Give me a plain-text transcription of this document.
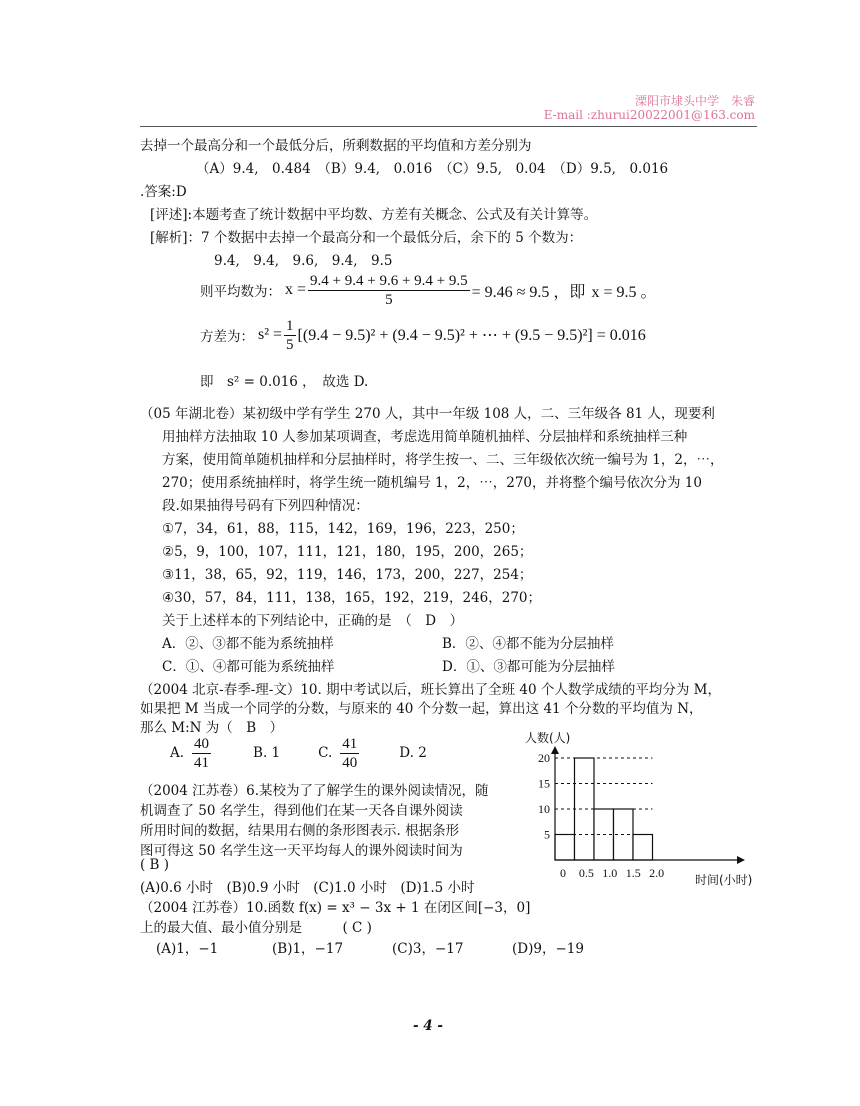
溧阳市埭头中学　朱睿
E-mail :zhurui20022001@163.com
去掉一个最高分和一个最低分后，所剩数据的平均值和方差分别为
（A）9.4,　0.484　（B）9.4,　0.016　（C）9.5,　0.04　（D）9.5,　0.016
.答案:D
[评述]:本题考查了统计数据中平均数、方差有关概念、公式及有关计算等。
[解析]：7 个数据中去掉一个最高分和一个最低分后，余下的 5 个数为：
9.4,　9.4,　9.6,　9.4,　9.5
则平均数为： $x = \frac{9.4 + 9.4 + 9.6 + 9.4 + 9.5}{5} = 9.46 \approx 9.5$ ，即 x = 9.5 。
方差为： $s^2 = \frac{1}{5} [(9.4 - 9.5)^2 + (9.4 - 9.5)^2$ + ⋯ + (9.5 − 9.5)²] = 0.016
即　s² = 0.016 ，　故选 D.
（05 年湖北卷）某初级中学有学生 270 人，其中一年级 108 人，二、三年级各 81 人，现要利
用抽样方法抽取 10 人参加某项调查，考虑选用简单随机抽样、分层抽样和系统抽样三种
方案，使用简单随机抽样和分层抽样时，将学生按一、二、三年级依次统一编号为 1，2，⋯，
270；使用系统抽样时，将学生统一随机编号 1，2，⋯，270，并将整个编号依次分为 10
段.如果抽得号码有下列四种情况：
①7，34，61，88，115，142，169，196，223，250；
②5，9，100，107，111，121，180，195，200，265；
③11，38，65，92，119，146，173，200，227，254；
④30，57，84，111，138，165，192，219，246，270；
关于上述样本的下列结论中，正确的是　（　D　）
A．②、③都不能为系统抽样	B．②、④都不能为分层抽样
C．①、④都可能为系统抽样	D．①、③都可能为分层抽样
（2004 北京-春季-理-文）10. 期中考试以后，班长算出了全班 40 个人数学成绩的平均分为 M，
如果把 M 当成一个同学的分数，与原来的 40 个分数一起，算出这 41 个分数的平均值为 N，
那么 M:N 为（　B　）
A. $\frac{40}{41}$	B. 1	C. $\frac{41}{40}$	D. 2
（2004 江苏卷）6.某校为了了解学生的课外阅读情况，随
机调查了 50 名学生，得到他们在某一天各自课外阅读
所用时间的数据，结果用右侧的条形图表示. 根据条形
图可得这 50 名学生这一天平均每人的课外阅读时间为
( B )
(A)0.6 小时　(B)0.9 小时　(C)1.0 小时　(D)1.5 小时
（2004 江苏卷）10.函数 f(x) = x³ − 3x + 1 在闭区间[−3，0]
上的最大值、最小值分别是　　　( C )
(A)1，−1	(B)1，−17	(C)3，−17	(D)9，−19
人数(人)
时间(小时)
5
10
15
20
0 0.5 1.0 1.5 2.0
- 4 -
